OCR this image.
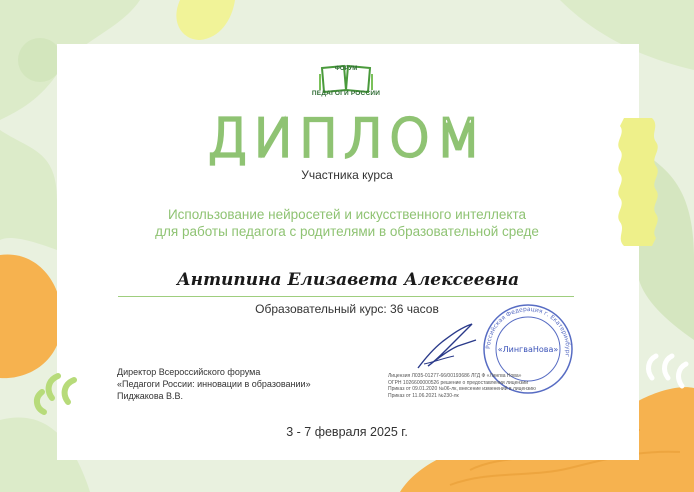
ФОРУМ
ПЕДАГОГИ РОССИИ
ДИПЛОМ
Участника курса
Использование нейросетей и искусственного интеллекта
для работы педагога с родителями в образовательной среде
Антипина Елизавета Алексеевна
Образовательный курс: 36 часов
Российская Федерация г. Екатеринбург
«ЛингваНова»
Директор Всероссийского форума
«Педагоги России: инновации в образовании»
Пиджакова В.В.
Лицензия Л035-01277-66/00193686 ЛГД Ф «Лингва Нова»
ОГРН 1026600000526 решение о предоставлении лицензии
Приказ от 09.01.2020 №06-лк, внесение изменений в лицензию
Приказ от 11.06.2021 №230-лк
3 - 7 февраля 2025 г.
